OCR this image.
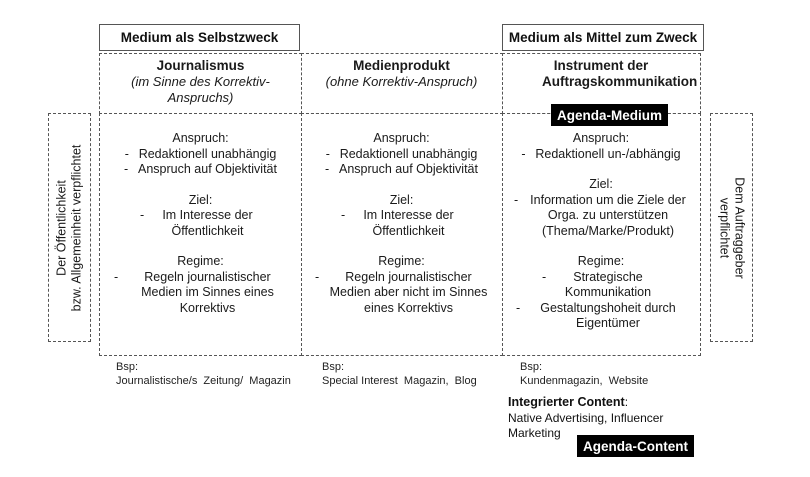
Medium als Selbstzweck	Medium als Mittel zum Zweck
Journalismus
(im Sinne des Korrektiv-Anspruchs)
Medienprodukt
(ohne Korrektiv-Anspruch)
Instrument der Auftragskommunikation
Anspruch:
- Redaktionell unabhängig
- Anspruch auf Objektivität
Ziel:
-	Im Interesse der Öffentlichkeit
Regime:
-	Regeln journalistischer Medien im Sinnes eines Korrektivs
Anspruch:
- Redaktionell unabhängig
- Anspruch auf Objektivität
Ziel:
-	Im Interesse der Öffentlichkeit
Regime:
-	Regeln journalistischer Medien aber nicht im Sinnes eines Korrektivs
Anspruch:
- Redaktionell un-/abhängig
Ziel:
- Information um die Ziele der Orga. zu unterstützen (Thema/Marke/Produkt)
Regime:
-	Strategische Kommunikation
-	Gestaltungshoheit durch Eigentümer
Agenda-Medium
Der Öffentlichkeit bzw. Allgemeinheit verpflichtet	Dem Auftraggeber
verpflichtet
Bsp:
Journalistische/s  Zeitung/  Magazin
Bsp:
Special Interest  Magazin,  Blog
Bsp:
Kundenmagazin,  Website
Integrierter Content:
Native Advertising, Influencer
Marketing
Agenda-Content
